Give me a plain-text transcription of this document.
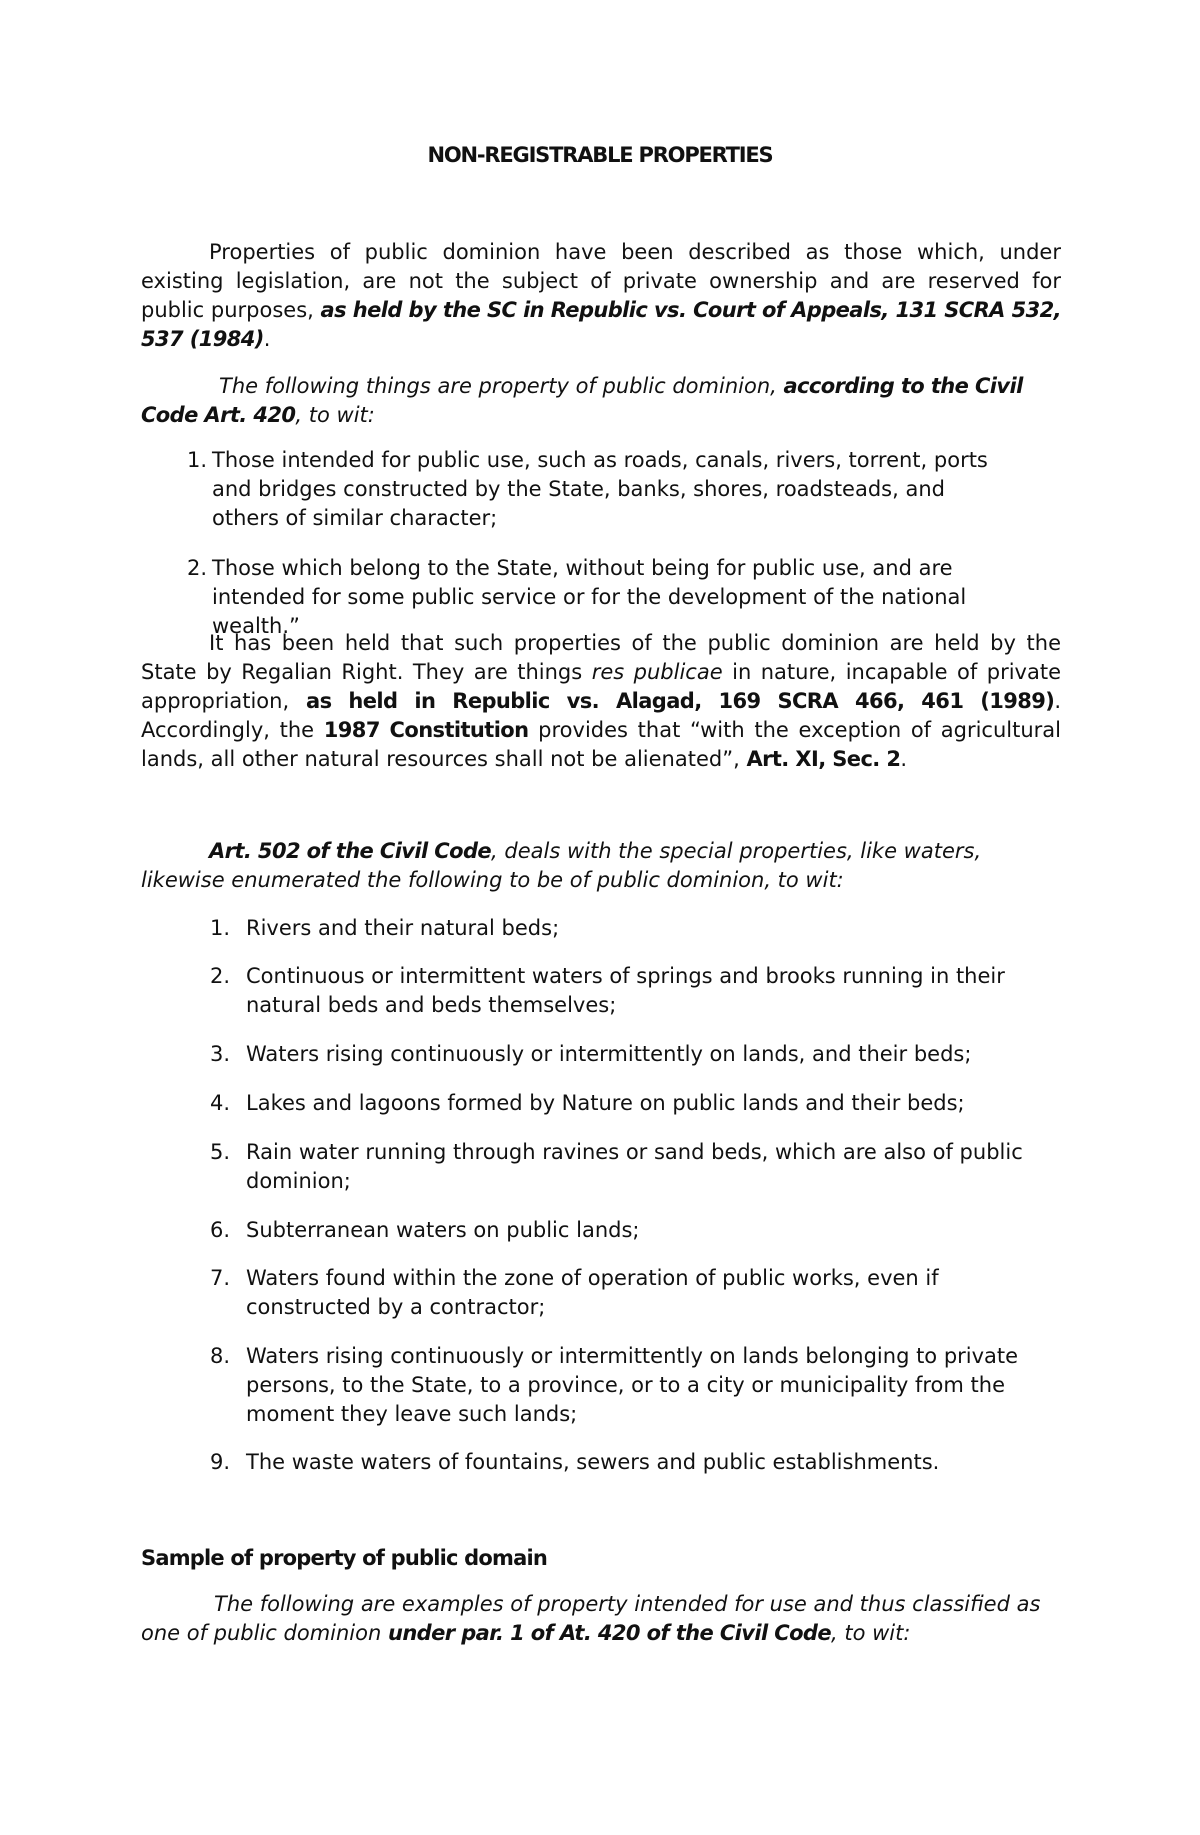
NON-REGISTRABLE PROPERTIES
Properties of public dominion have been described as those which, under existing legislation, are not the subject of private ownership and are reserved for public purposes, as held by the SC in Republic vs. Court of Appeals, 131 SCRA 532, 537 (1984).
The following things are property of public dominion, according to the Civil Code Art. 420, to wit:
1. Those intended for public use, such as roads, canals, rivers, torrent, ports and bridges constructed by the State, banks, shores, roadsteads, and others of similar character;
2. Those which belong to the State, without being for public use, and are intended for some public service or for the development of the national wealth.”
It has been held that such properties of the public dominion are held by the State by Regalian Right. They are things res publicae in nature, incapable of private appropriation, as held in Republic vs. Alagad, 169 SCRA 466, 461 (1989). Accordingly, the 1987 Constitution provides that “with the exception of agricultural lands, all other natural resources shall not be alienated”, Art. XI, Sec. 2.
Art. 502 of the Civil Code, deals with the special properties, like waters, likewise enumerated the following to be of public dominion, to wit:
1. Rivers and their natural beds;
2. Continuous or intermittent waters of springs and brooks running in their natural beds and beds themselves;
3. Waters rising continuously or intermittently on lands, and their beds;
4. Lakes and lagoons formed by Nature on public lands and their beds;
5. Rain water running through ravines or sand beds, which are also of public dominion;
6. Subterranean waters on public lands;
7. Waters found within the zone of operation of public works, even if constructed by a contractor;
8. Waters rising continuously or intermittently on lands belonging to private persons, to the State, to a province, or to a city or municipality from the moment they leave such lands;
9. The waste waters of fountains, sewers and public establishments.
Sample of property of public domain
The following are examples of property intended for use and thus classified as one of public dominion under par. 1 of At. 420 of the Civil Code, to wit:
